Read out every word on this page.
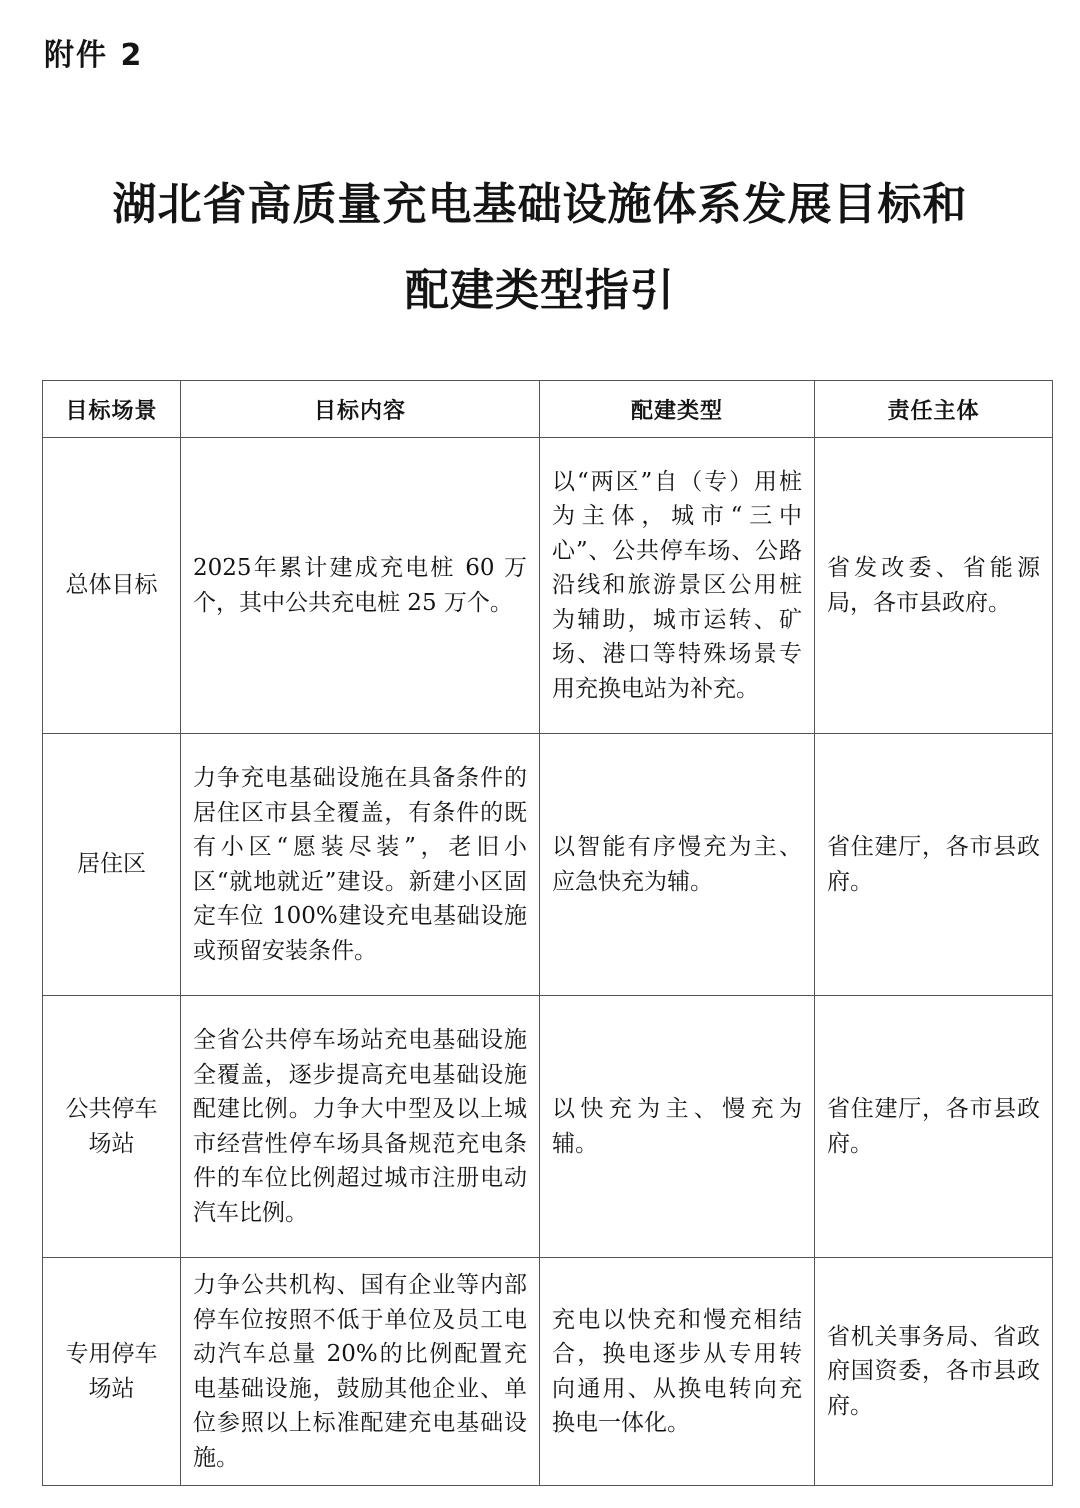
附件 2
湖北省高质量充电基础设施体系发展目标和
配建类型指引
目标场景	目标内容	配建类型	责任主体
总体目标	2025年累计建成充电桩 60 万个，其中公共充电桩 25 万个。	以“两区”自（专）用桩为主体，城市“三中心”、公共停车场、公路沿线和旅游景区公用桩为辅助，城市运转、矿场、港口等特殊场景专用充换电站为补充。	省发改委、省能源局，各市县政府。
居住区	力争充电基础设施在具备条件的居住区市县全覆盖，有条件的既有小区“愿装尽装”，老旧小区“就地就近”建设。新建小区固定车位 100%建设充电基础设施或预留安装条件。	以智能有序慢充为主、应急快充为辅。	省住建厅，各市县政府。

公共停车场站	全省公共停车场站充电基础设施全覆盖，逐步提高充电基础设施配建比例。力争大中型及以上城市经营性停车场具备规范充电条件的车位比例超过城市注册电动汽车比例。	以快充为主、慢充为辅。	省住建厅，各市县政府。

专用停车场站	力争公共机构、国有企业等内部停车位按照不低于单位及员工电动汽车总量 20%的比例配置充电基础设施，鼓励其他企业、单位参照以上标准配建充电基础设施。	充电以快充和慢充相结合，换电逐步从专用转向通用、从换电转向充换电一体化。	省机关事务局、省政府国资委，各市县政府。
